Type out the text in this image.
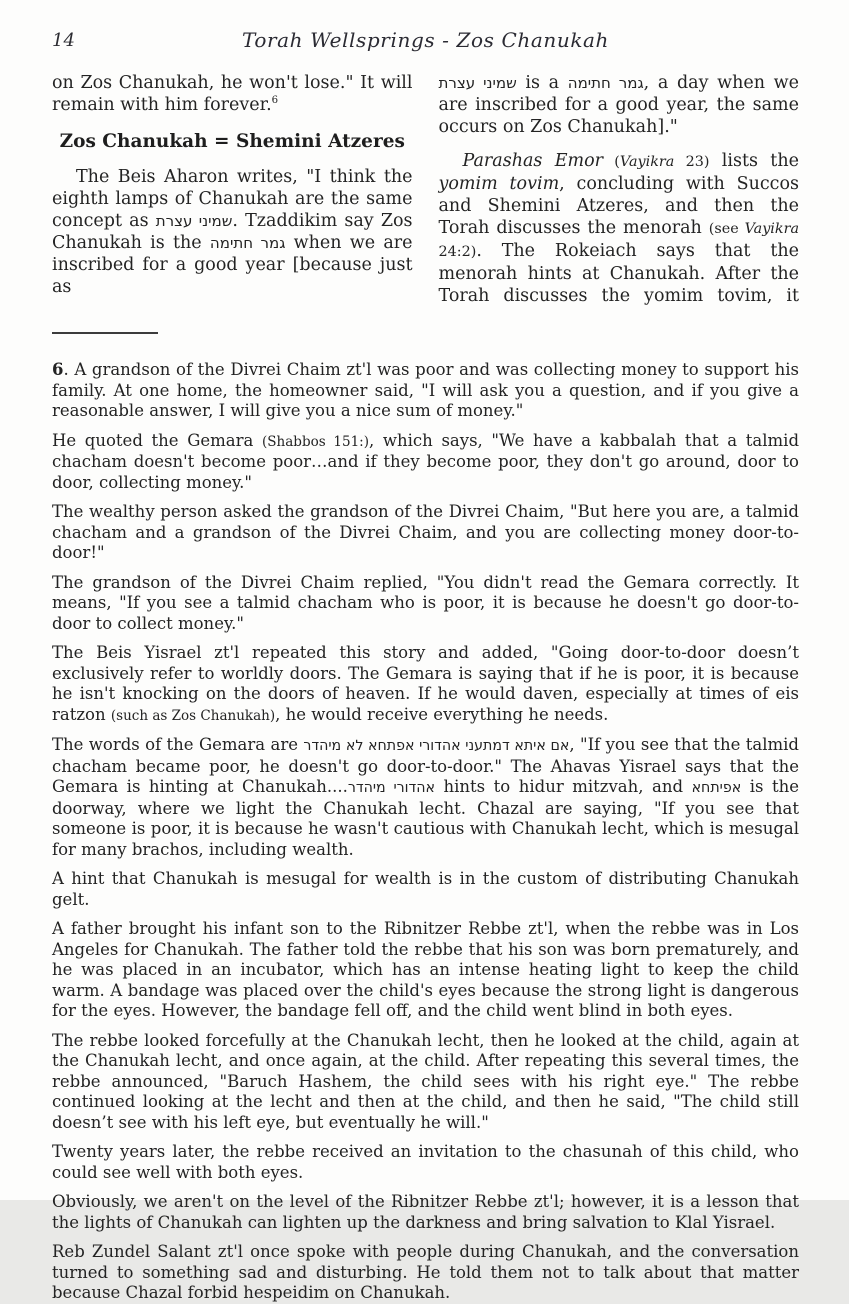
14	Torah Wellsprings - Zos Chanukah

on Zos Chanukah, he won't lose." It will remain with him forever.$^6$

Zos Chanukah = Shemini Atzeres

The Beis Aharon writes, "I think the eighth lamps of Chanukah are the same concept as שמיני עצרת. Tzaddikim say Zos Chanukah is the גמר חתימה when we are inscribed for a good year [because just as

שמיני עצרת is a גמר חתימה, a day when we are inscribed for a good year, the same occurs on Zos Chanukah]."

Parashas Emor (Vayikra 23) lists the yomim tovim, concluding with Succos and Shemini Atzeres, and then the Torah discusses the menorah (see Vayikra 24:2). The Rokeiach says that the menorah hints at Chanukah. After the Torah discusses the yomim tovim, it

6. A grandson of the Divrei Chaim zt'l was poor and was collecting money to support his family. At one home, the homeowner said, "I will ask you a question, and if you give a reasonable answer, I will give you a nice sum of money."

He quoted the Gemara (Shabbos 151:), which says, "We have a kabbalah that a talmid chacham doesn't become poor…and if they become poor, they don't go around, door to door, collecting money."

The wealthy person asked the grandson of the Divrei Chaim, "But here you are, a talmid chacham and a grandson of the Divrei Chaim, and you are collecting money door-to-door!"

The grandson of the Divrei Chaim replied, "You didn't read the Gemara correctly. It means, "If you see a talmid chacham who is poor, it is because he doesn't go door-to-door to collect money."

The Beis Yisrael zt'l repeated this story and added, "Going door-to-door doesn’t exclusively refer to worldly doors. The Gemara is saying that if he is poor, it is because he isn't knocking on the doors of heaven. If he would daven, especially at times of eis ratzon (such as Zos Chanukah), he would receive everything he needs.

The words of the Gemara are אם איתא דמתעני אהדורי אפתחא לא מיהדר, "If you see that the talmid chacham became poor, he doesn't go door-to-door." The Ahavas Yisrael says that the Gemara is hinting at Chanukah....אהדורי מיהדר hints to hidur mitzvah, and אפיתחא is the doorway, where we light the Chanukah lecht. Chazal are saying, "If you see that someone is poor, it is because he wasn't cautious with Chanukah lecht, which is mesugal for many brachos, including wealth.

A hint that Chanukah is mesugal for wealth is in the custom of distributing Chanukah gelt.

A father brought his infant son to the Ribnitzer Rebbe zt'l, when the rebbe was in Los Angeles for Chanukah. The father told the rebbe that his son was born prematurely, and he was placed in an incubator, which has an intense heating light to keep the child warm. A bandage was placed over the child's eyes because the strong light is dangerous for the eyes. However, the bandage fell off, and the child went blind in both eyes.

The rebbe looked forcefully at the Chanukah lecht, then he looked at the child, again at the Chanukah lecht, and once again, at the child. After repeating this several times, the rebbe announced, "Baruch Hashem, the child sees with his right eye." The rebbe continued looking at the lecht and then at the child, and then he said, "The child still doesn’t see with his left eye, but eventually he will."

Twenty years later, the rebbe received an invitation to the chasunah of this child, who could see well with both eyes.

Obviously, we aren't on the level of the Ribnitzer Rebbe zt'l; however, it is a lesson that the lights of Chanukah can lighten up the darkness and bring salvation to Klal Yisrael.

Reb Zundel Salant zt'l once spoke with people during Chanukah, and the conversation turned to something sad and disturbing. He told them not to talk about that matter because Chazal forbid hespeidim on Chanukah.
